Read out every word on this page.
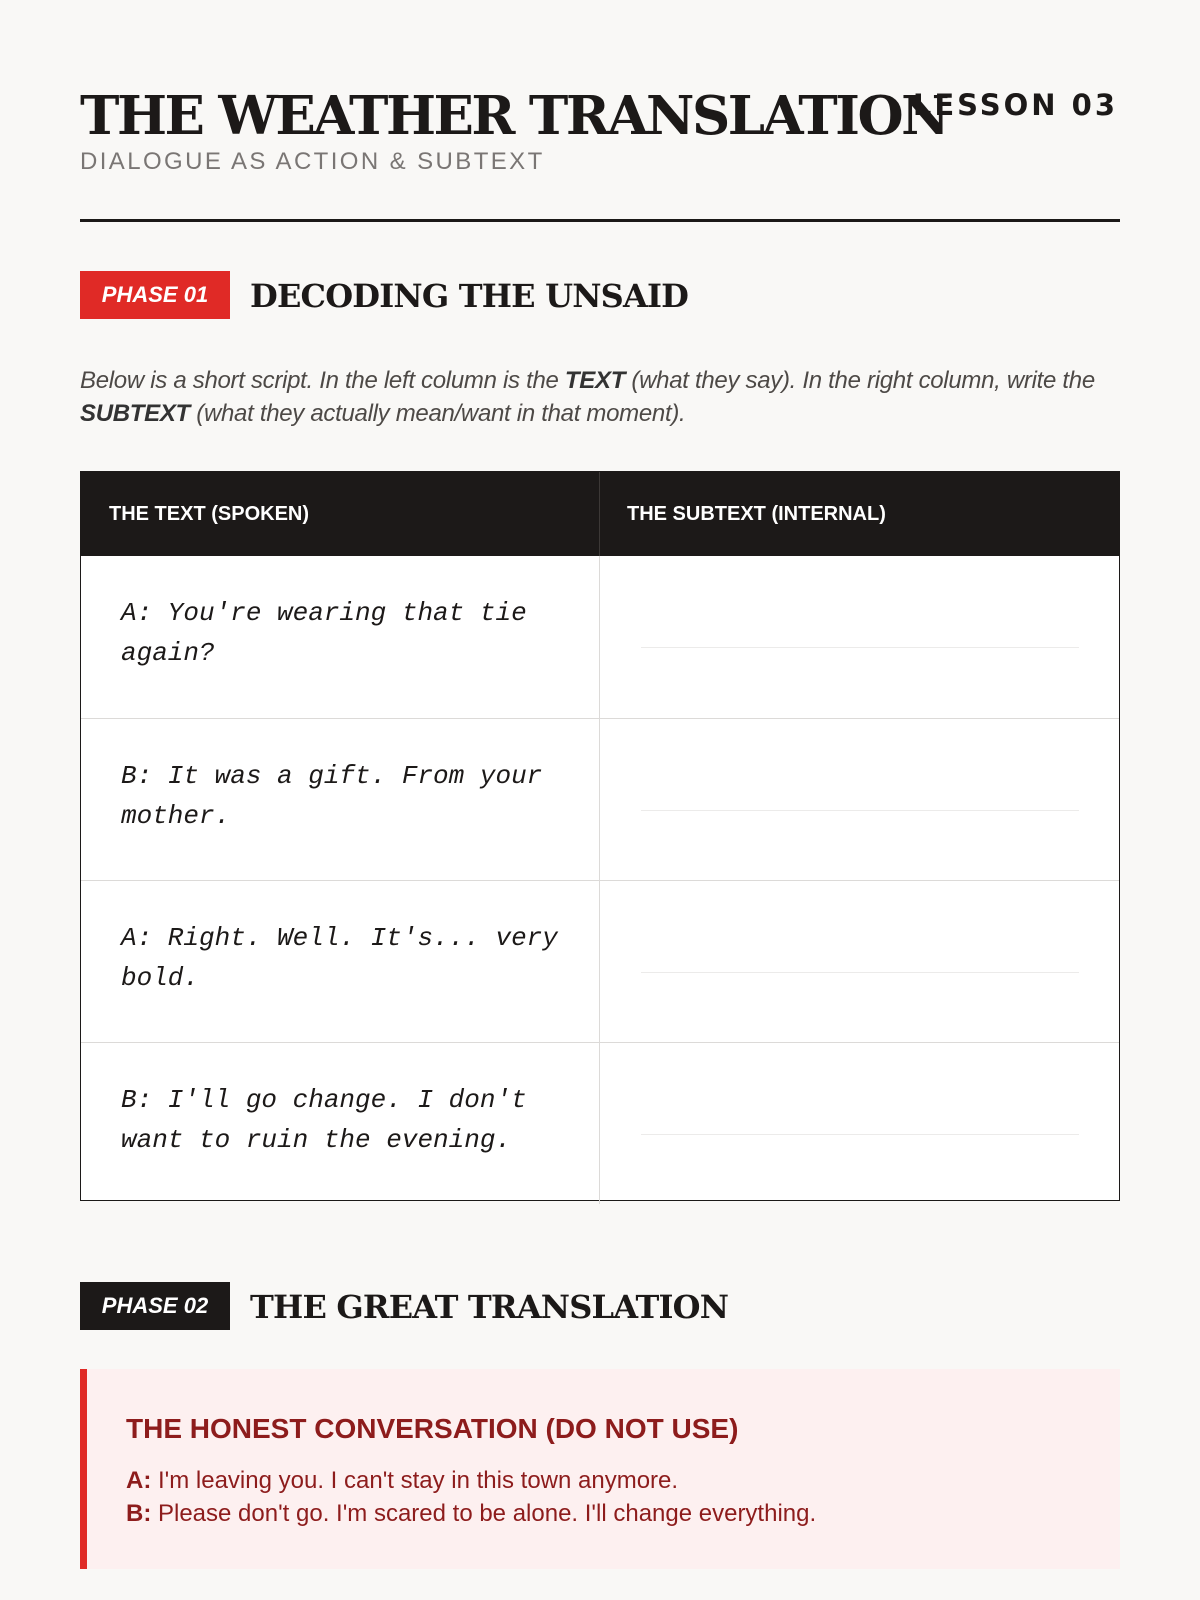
THE WEATHER TRANSLATION
LESSON 03
DIALOGUE AS ACTION & SUBTEXT
PHASE 01	DECODING THE UNSAID

Below is a short script. In the left column is the TEXT (what they say). In the right column, write the SUBTEXT (what they actually mean/want in that moment).

THE TEXT (SPOKEN)	THE SUBTEXT (INTERNAL)
A: You're wearing that tie again?
B: It was a gift. From your mother.
A: Right. Well. It's... very bold.
B: I'll go change. I don't want to ruin the evening.
PHASE 02	THE GREAT TRANSLATION
THE HONEST CONVERSATION (DO NOT USE)
A: I'm leaving you. I can't stay in this town anymore.
B: Please don't go. I'm scared to be alone. I'll change everything.
